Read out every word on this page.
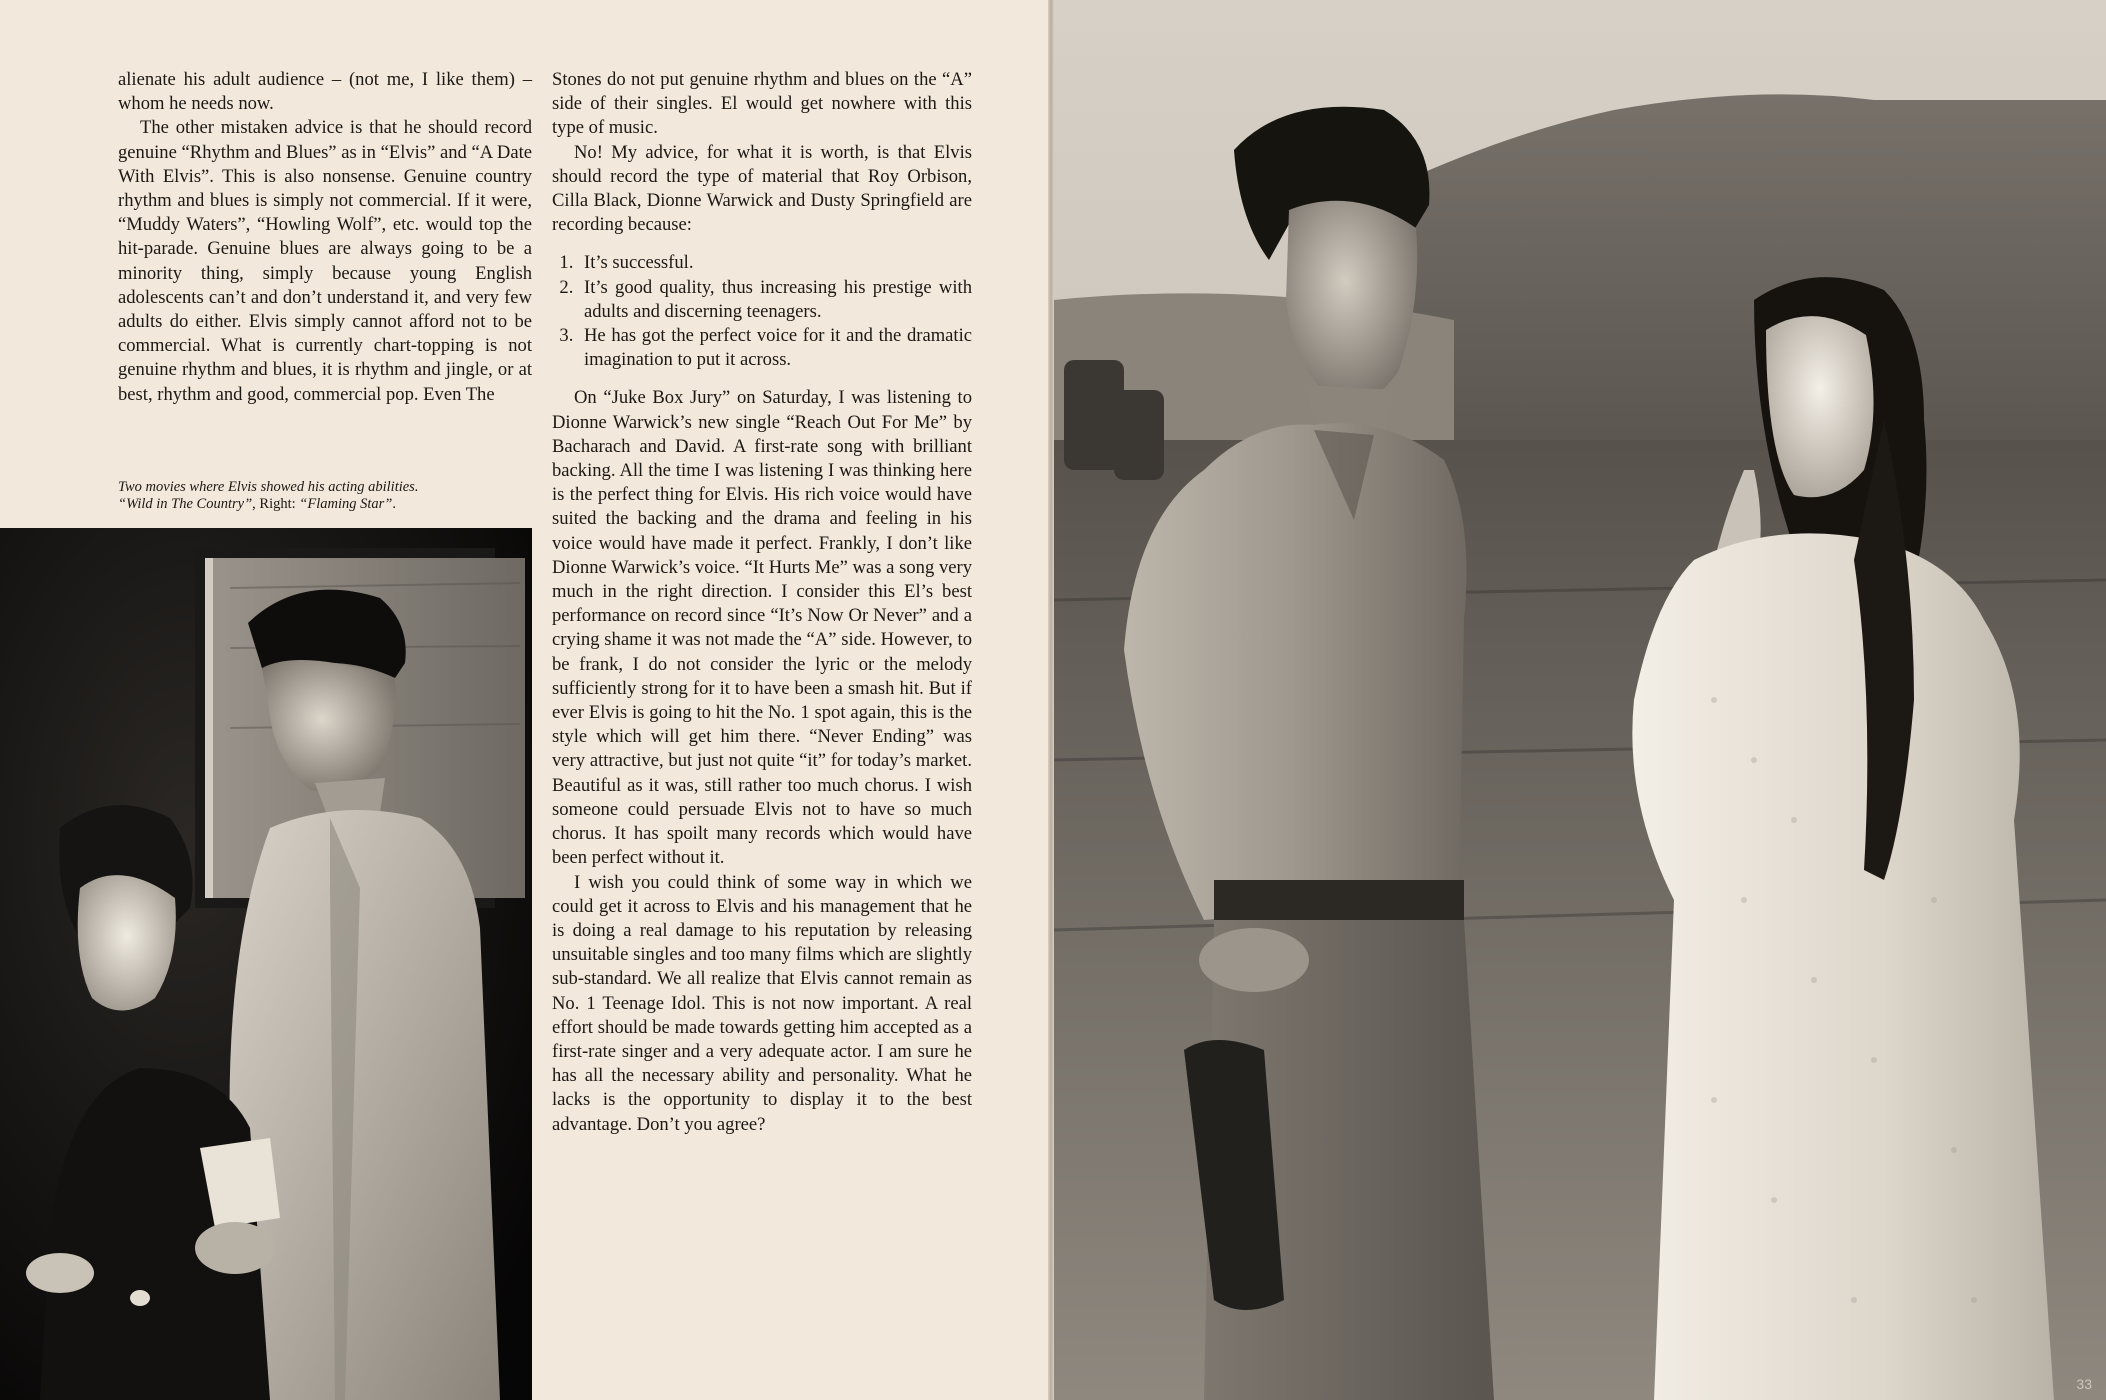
alienate his adult audience – (not me, I like them) – whom he needs now.

The other mistaken advice is that he should record genuine “Rhythm and Blues” as in “Elvis” and “A Date With Elvis”. This is also nonsense. Genuine country rhythm and blues is simply not commercial. If it were, “Muddy Waters”, “Howling Wolf”, etc. would top the hit-parade. Genuine blues are always going to be a minority thing, simply because young English adolescents can’t and don’t understand it, and very few adults do either. Elvis simply cannot afford not to be commercial. What is currently chart-topping is not genuine rhythm and blues, it is rhythm and jingle, or at best, rhythm and good, commercial pop. Even The

Two movies where Elvis showed his acting abilities.
“Wild in The Country”, Right: “Flaming Star”.

Stones do not put genuine rhythm and blues on the “A” side of their singles. El would get nowhere with this type of music.

No! My advice, for what it is worth, is that Elvis should record the type of material that Roy Orbison, Cilla Black, Dionne Warwick and Dusty Springfield are recording because:

1. It’s successful.
2. It’s good quality, thus increasing his prestige with adults and discerning teenagers.
3. He has got the perfect voice for it and the dramatic imagination to put it across.

On “Juke Box Jury” on Saturday, I was listening to Dionne Warwick’s new single “Reach Out For Me” by Bacharach and David. A first-rate song with brilliant backing. All the time I was listening I was thinking here is the perfect thing for Elvis. His rich voice would have suited the backing and the drama and feeling in his voice would have made it perfect. Frankly, I don’t like Dionne Warwick’s voice. “It Hurts Me” was a song very much in the right direction. I consider this El’s best performance on record since “It’s Now Or Never” and a crying shame it was not made the “A” side. However, to be frank, I do not consider the lyric or the melody sufficiently strong for it to have been a smash hit. But if ever Elvis is going to hit the No. 1 spot again, this is the style which will get him there. “Never Ending” was very attractive, but just not quite “it” for today’s market. Beautiful as it was, still rather too much chorus. I wish someone could persuade Elvis not to have so much chorus. It has spoilt many records which would have been perfect without it.

I wish you could think of some way in which we could get it across to Elvis and his management that he is doing a real damage to his reputation by releasing unsuitable singles and too many films which are slightly sub-standard. We all realize that Elvis cannot remain as No. 1 Teenage Idol. This is not now important. A real effort should be made towards getting him accepted as a first-rate singer and a very adequate actor. I am sure he has all the necessary ability and personality. What he lacks is the opportunity to display it to the best advantage. Don’t you agree?

33
